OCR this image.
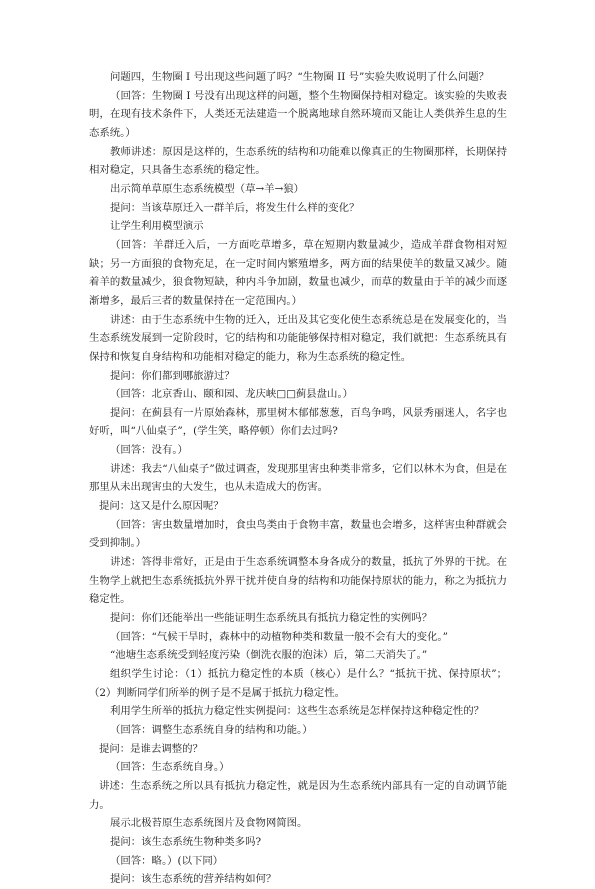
问题四，生物圈 I 号出现这些问题了吗？“生物圈 II 号”实验失败说明了什么问题？

（回答：生物圈 I 号没有出现这样的问题，整个生物圈保持相对稳定。该实验的失败表明，在现有技术条件下，人类还无法建造一个脱离地球自然环境而又能让人类供养生息的生态系统。）

教师讲述：原因是这样的，生态系统的结构和功能难以像真正的生物圈那样，长期保持相对稳定，只具备生态系统的稳定性。

出示简单草原生态系统模型（草→羊→狼）

提问：当该草原迁入一群羊后，将发生什么样的变化？

让学生利用模型演示

（回答：羊群迁入后，一方面吃草增多，草在短期内数量减少，造成羊群食物相对短缺；另一方面狼的食物充足，在一定时间内繁殖增多，两方面的结果使羊的数量又减少。随着羊的数量减少，狼食物短缺，种内斗争加剧，数量也减少，而草的数量由于羊的减少而逐渐增多，最后三者的数量保持在一定范围内。）

讲述：由于生态系统中生物的迁入，迁出及其它变化使生态系统总是在发展变化的，当生态系统发展到一定阶段时，它的结构和功能能够保持相对稳定，我们就把：生态系统具有保持和恢复自身结构和功能相对稳定的能力，称为生态系统的稳定性。

提问：你们都到哪旅游过？

（回答：北京香山、颐和园、龙庆峡□□蓟县盘山。）

提问：在蓟县有一片原始森林，那里树木郁郁葱葱，百鸟争鸣，风景秀丽迷人，名字也好听，叫“八仙桌子”，(学生笑，略停顿）你们去过吗?

（回答：没有。）

讲述：我去“八仙桌子”做过调查，发现那里害虫种类非常多，它们以林木为食，但是在那里从未出现害虫的大发生，也从未造成大的伤害。

提问：这又是什么原因呢？

（回答：害虫数量增加时，食虫鸟类由于食物丰富，数量也会增多，这样害虫种群就会受到抑制。）

讲述：答得非常好，正是由于生态系统调整本身各成分的数量，抵抗了外界的干扰。在生物学上就把生态系统抵抗外界干扰并使自身的结构和功能保持原状的能力，称之为抵抗力稳定性。

提问：你们还能举出一些能证明生态系统具有抵抗力稳定性的实例吗？

（回答：“气候干旱时，森林中的动植物种类和数量一般不会有大的变化。”

“池塘生态系统受到轻度污染（倒洗衣服的泡沫）后，第二天消失了。”

组织学生讨论：（1）抵抗力稳定性的本质（核心）是什么？“抵抗干扰、保持原状”；（2）判断同学们所举的例子是不是属于抵抗力稳定性。

利用学生所举的抵抗力稳定性实例提问：这些生态系统是怎样保持这种稳定性的？

（回答：调整生态系统自身的结构和功能。）

提问：是谁去调整的？

（回答：生态系统自身。）

讲述：生态系统之所以具有抵抗力稳定性，就是因为生态系统内部具有一定的自动调节能力。

展示北极苔原生态系统图片及食物网简图。

提问：该生态系统生物种类多吗?

（回答：略。）(以下同）

提问：该生态系统的营养结构如何？
